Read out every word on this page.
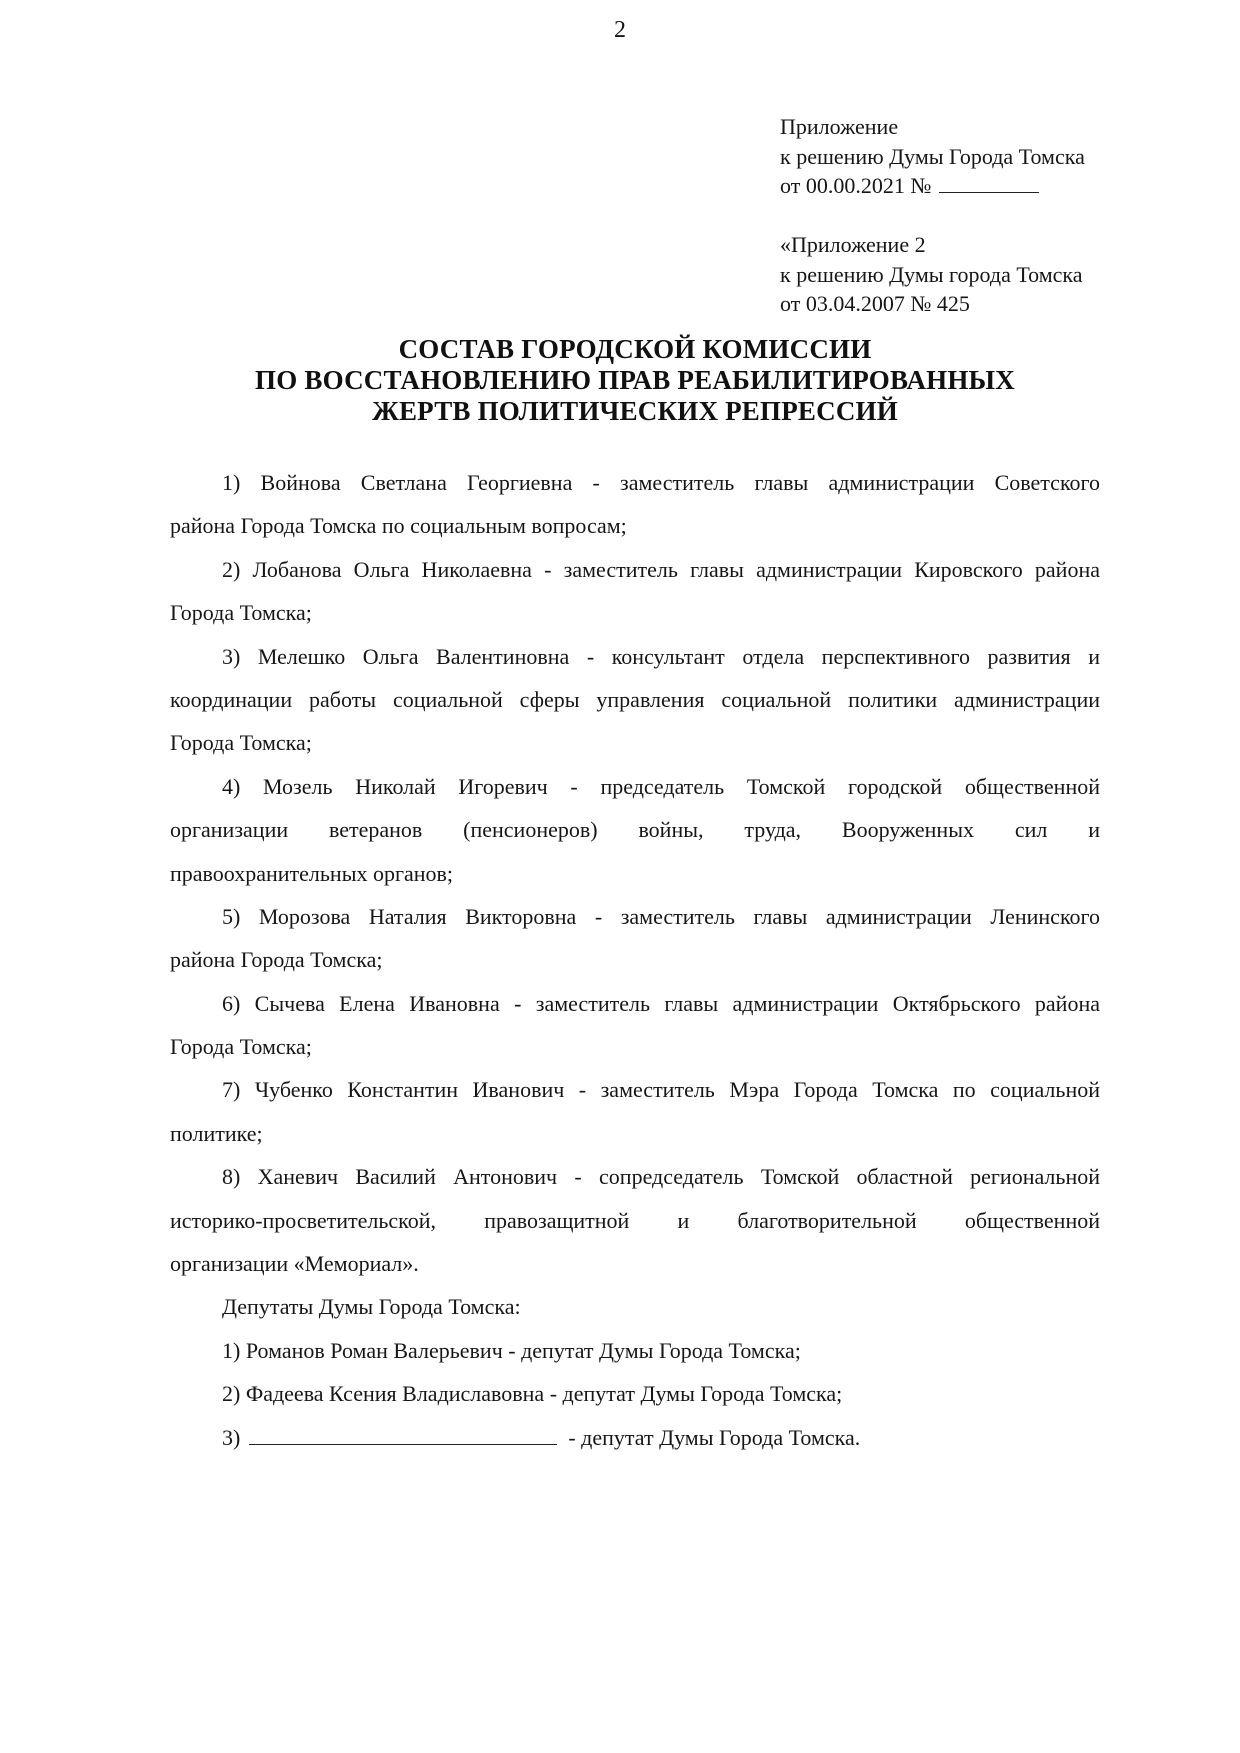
2
Приложение
к решению Думы Города Томска
от 00.00.2021 №
«Приложение 2
к решению Думы города Томска
от 03.04.2007 № 425
СОСТАВ ГОРОДСКОЙ КОМИССИИ
ПО ВОССТАНОВЛЕНИЮ ПРАВ РЕАБИЛИТИРОВАННЫХ
ЖЕРТВ ПОЛИТИЧЕСКИХ РЕПРЕССИЙ
1) Войнова Светлана Георгиевна - заместитель главы администрации Советского
района Города Томска по социальным вопросам;
2) Лобанова Ольга Николаевна - заместитель главы администрации Кировского района
Города Томска;
3) Мелешко Ольга Валентиновна - консультант отдела перспективного развития и
координации работы социальной сферы управления социальной политики администрации
Города Томска;
4) Мозель Николай Игоревич - председатель Томской городской общественной
организации ветеранов (пенсионеров) войны, труда, Вооруженных сил и
правоохранительных органов;
5) Морозова Наталия Викторовна - заместитель главы администрации Ленинского
района Города Томска;
6) Сычева Елена Ивановна - заместитель главы администрации Октябрьского района
Города Томска;
7) Чубенко Константин Иванович - заместитель Мэра Города Томска по социальной
политике;
8) Ханевич Василий Антонович - сопредседатель Томской областной региональной
историко-просветительской, правозащитной и благотворительной общественной
организации «Мемориал».
Депутаты Думы Города Томска:
1) Романов Роман Валерьевич - депутат Думы Города Томска;
2) Фадеева Ксения Владиславовна - депутат Думы Города Томска;
3)	- депутат Думы Города Томска.
